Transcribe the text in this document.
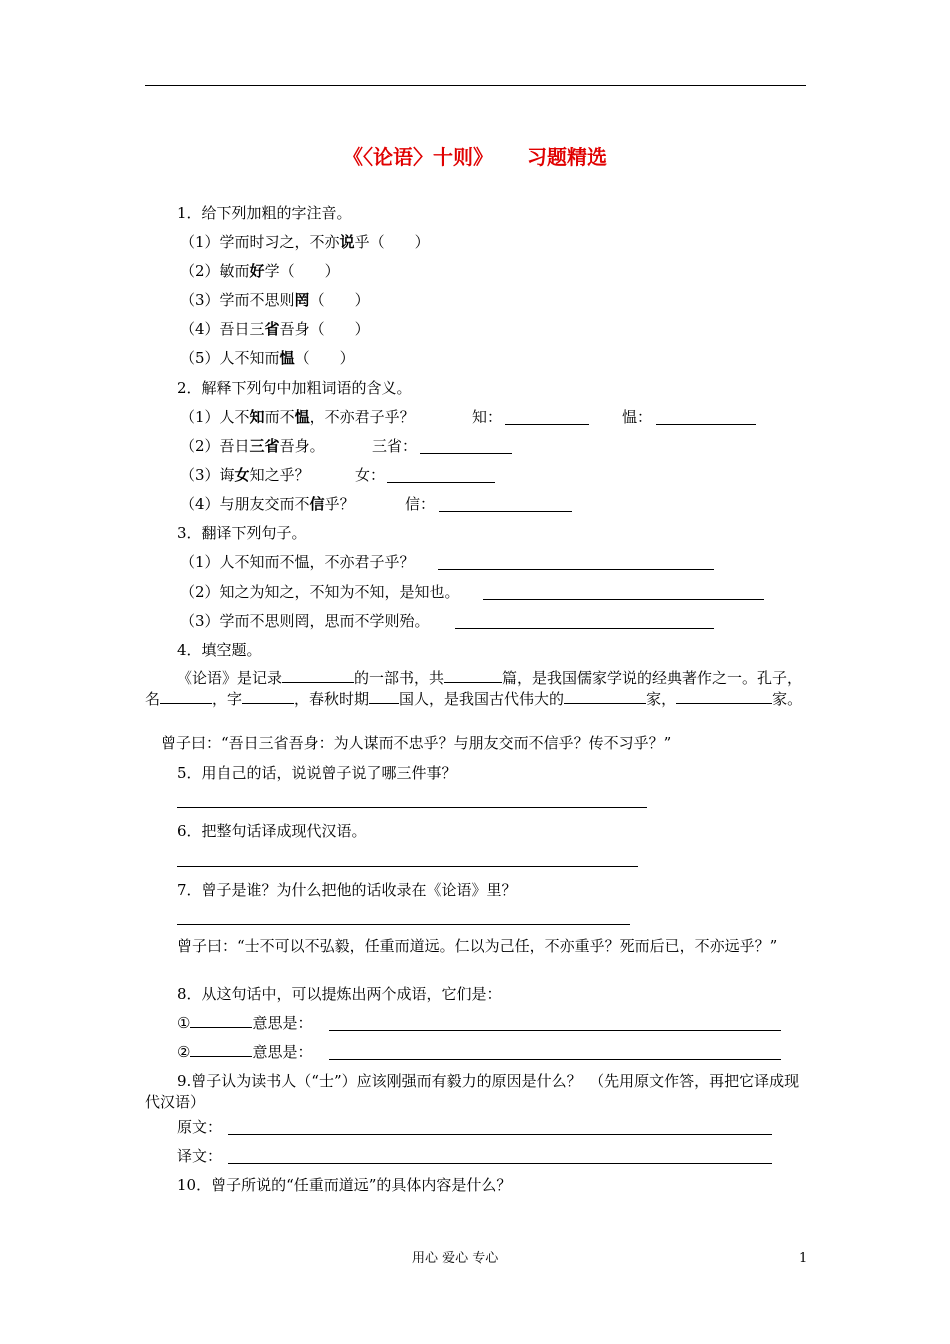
《〈论语〉十则》 习题精选
1．给下列加粗的字注音。
（1）学而时习之，不亦说乎（　　）
（2）敏而好学（　　）
（3）学而不思则罔（　　）
（4）吾日三省吾身（　　）
（5）人不知而愠（　　）
2．解释下列句中加粗词语的含义。
（1）人不知而不愠，不亦君子乎？	知：	愠：
（2）吾日三省吾身。	三省：
（3）诲女知之乎？	女：
（4）与朋友交而不信乎？	信：
3．翻译下列句子。
（1）人不知而不愠，不亦君子乎？
（2）知之为知之，不知为不知，是知也。
（3）学而不思则罔，思而不学则殆。
4．填空题。
《论语》是记录	的一部书，共	篇，是我国儒家学说的经典著作之一。孔子，名	，字	，春秋时期 国人，是我国古代伟大的	家，	家。
曾子曰：“吾日三省吾身：为人谋而不忠乎？与朋友交而不信乎？传不习乎？”
5．用自己的话，说说曾子说了哪三件事？
6．把整句话译成现代汉语。
7．曾子是谁？为什么把他的话收录在《论语》里？
曾子曰：“士不可以不弘毅，任重而道远。仁以为己任，不亦重乎？死而后已，不亦远乎？”
8．从这句话中，可以提炼出两个成语，它们是：
①	意思是：
②	意思是：
9.曾子认为读书人（“士”）应该刚强而有毅力的原因是什么？　（先用原文作答，再把它译成现代汉语）
原文：
译文：
10．曾子所说的“任重而道远”的具体内容是什么？
用心 爱心 专心	1
